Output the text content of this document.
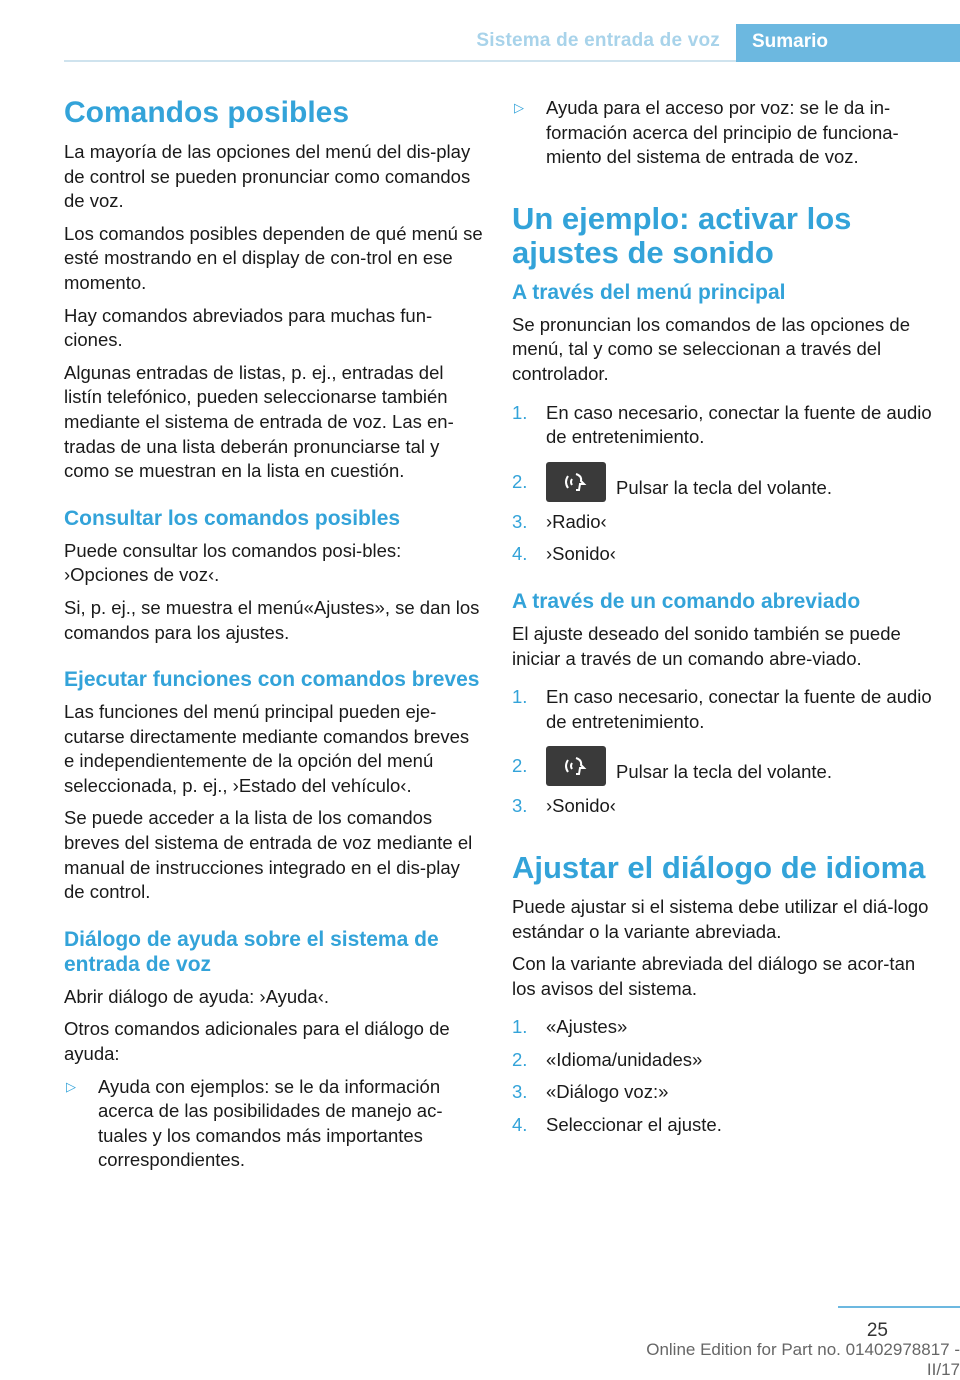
Sistema de entrada de voz Sumario
Comandos posibles

La mayoría de las opciones del menú del dis-play de control se pueden pronunciar como comandos de voz.

Los comandos posibles dependen de qué menú se esté mostrando en el display de con-trol en ese momento.

Hay comandos abreviados para muchas fun-ciones.

Algunas entradas de listas, p. ej., entradas del listín telefónico, pueden seleccionarse también mediante el sistema de entrada de voz. Las en-tradas de una lista deberán pronunciarse tal y como se muestran en la lista en cuestión.

Consultar los comandos posibles

Puede consultar los comandos posi-bles: ›Opciones de voz‹.

Si, p. ej., se muestra el menú«Ajustes», se dan los comandos para los ajustes.

Ejecutar funciones con comandos breves

Las funciones del menú principal pueden eje-cutarse directamente mediante comandos breves e independientemente de la opción del menú seleccionada, p. ej., ›Estado del vehículo‹.

Se puede acceder a la lista de los comandos breves del sistema de entrada de voz mediante el manual de instrucciones integrado en el dis-play de control.

Diálogo de ayuda sobre el sistema de entrada de voz

Abrir diálogo de ayuda: ›Ayuda‹.

Otros comandos adicionales para el diálogo de ayuda:

▷ Ayuda con ejemplos: se le da información acerca de las posibilidades de manejo ac-tuales y los comandos más importantes correspondientes.
▷ Ayuda para el acceso por voz: se le da in-formación acerca del principio de funciona-miento del sistema de entrada de voz.
Un ejemplo: activar los ajustes de sonido
A través del menú principal

Se pronuncian los comandos de las opciones de menú, tal y como se seleccionan a través del controlador.

1. En caso necesario, conectar la fuente de audio de entretenimiento.
2.	Pulsar la tecla del volante.
3. ›Radio‹
4. ›Sonido‹
A través de un comando abreviado

El ajuste deseado del sonido también se puede iniciar a través de un comando abre-viado.

1. En caso necesario, conectar la fuente de audio de entretenimiento.
2.	Pulsar la tecla del volante.
3. ›Sonido‹
Ajustar el diálogo de idioma

Puede ajustar si el sistema debe utilizar el diá-logo estándar o la variante abreviada.

Con la variante abreviada del diálogo se acor-tan los avisos del sistema.

1. «Ajustes»
2. «Idioma/unidades»
3. «Diálogo voz:»
4. Seleccionar el ajuste.
25
Online Edition for Part no. 01402978817 - II/17
